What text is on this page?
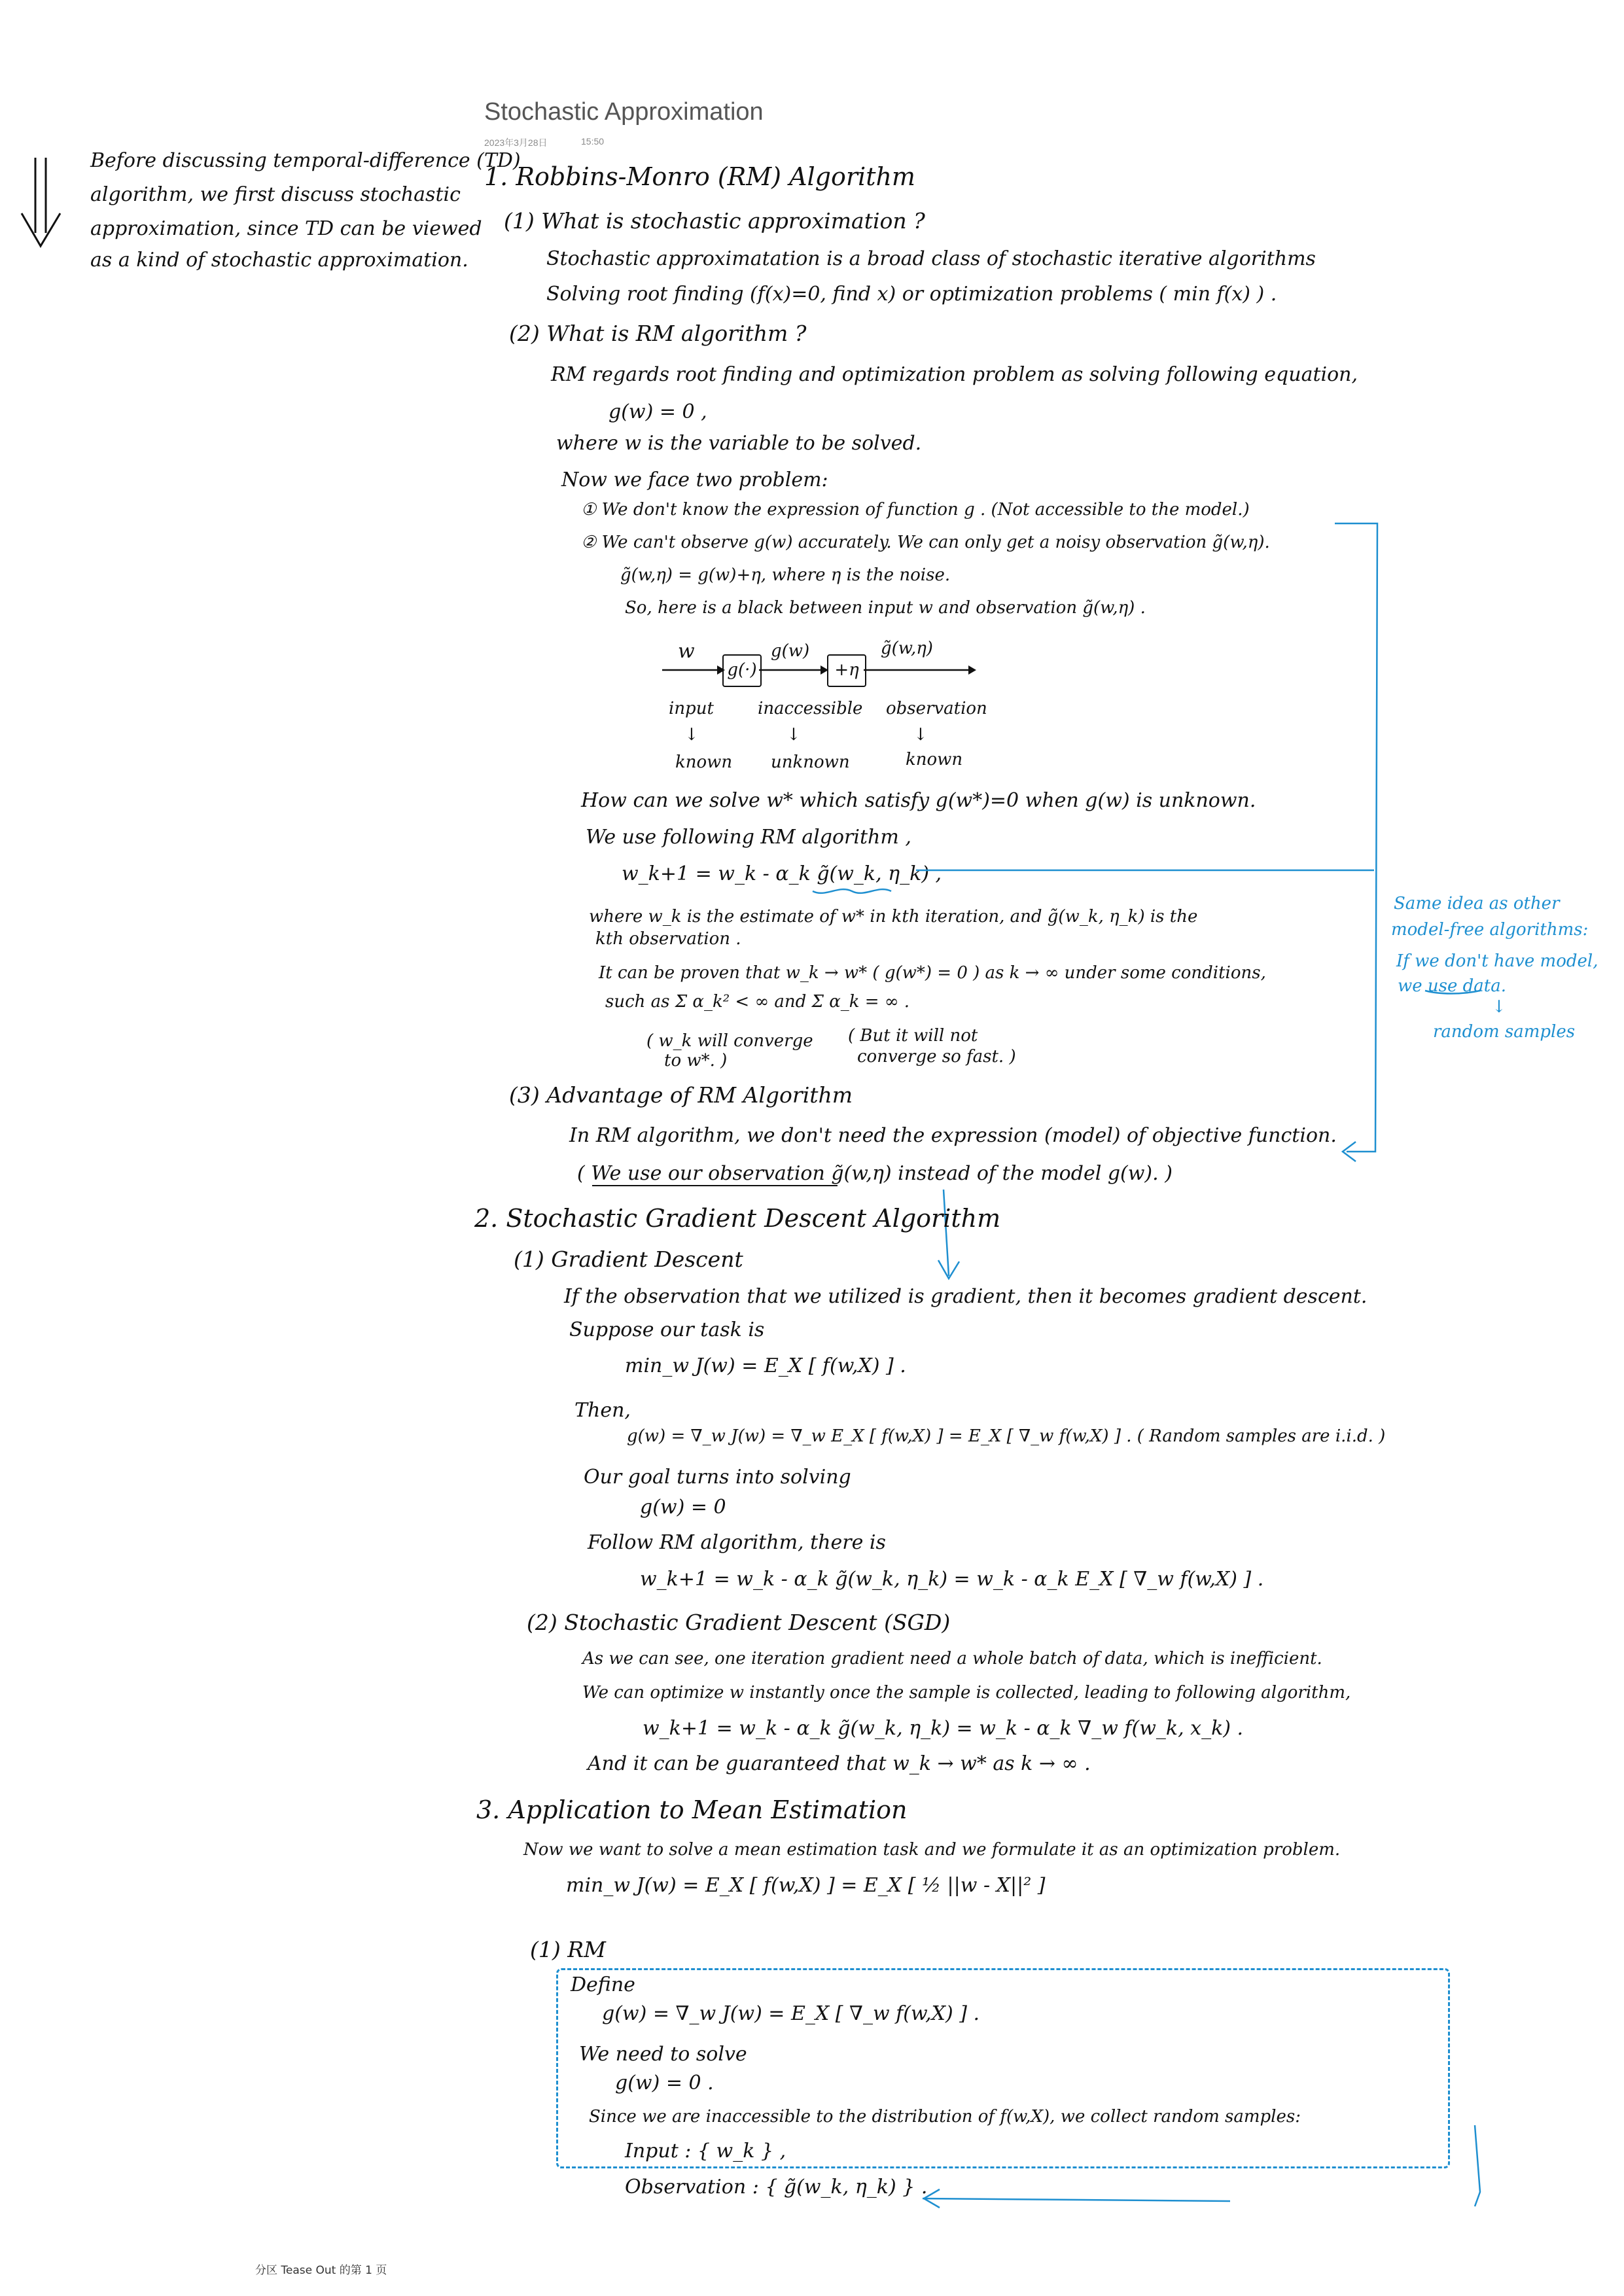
Stochastic Approximation
2023年3月28日	15:50
Before discussing temporal-difference (TD)
algorithm, we first discuss stochastic
approximation, since TD can be viewed
as a kind of stochastic approximation.
1. Robbins-Monro (RM) Algorithm
(1) What is stochastic approximation ?
Stochastic approximatation is a broad class of stochastic iterative algorithms
Solving root finding (f(x)=0, find x) or optimization problems ( min f(x) ) .
(2) What is RM algorithm ?
RM regards root finding and optimization problem as solving following equation,
g(w) = 0 ,
where w is the variable to be solved.
Now we face two problem:
① We don't know the expression of function g . (Not accessible to the model.)
② We can't observe g(w) accurately. We can only get a noisy observation g̃(w,η).
g̃(w,η) = g(w)+η, where η is the noise.
So, here is a black between input w and observation g̃(w,η) .
w
g(·)
g(w)
+η
g̃(w,η)
input	inaccessible observation
↓	↓	↓
known unknown	known
How can we solve w* which satisfy g(w*)=0 when g(w) is unknown.
We use following RM algorithm ,
w_k+1 = w_k - α_k g̃(w_k, η_k) ,
where w_k is the estimate of w* in kth iteration, and g̃(w_k, η_k) is the
kth observation .
It can be proven that w_k → w* ( g(w*) = 0 ) as k → ∞ under some conditions,
such as Σ α_k² < ∞ and Σ α_k = ∞ .
( w_k will converge
to w*. )
( But it will not
converge so fast. )
(3) Advantage of RM Algorithm
In RM algorithm, we don't need the expression (model) of objective function.
( We use our observation g̃(w,η) instead of the model g(w). )
Same idea as other
model-free algorithms:
If we don't have model,
we use data.
↓
random samples
2. Stochastic Gradient Descent Algorithm
(1) Gradient Descent
If the observation that we utilized is gradient, then it becomes gradient descent.
Suppose our task is
min_w J(w) = E_X [ f(w,X) ] .
Then,
g(w) = ∇_w J(w) = ∇_w E_X [ f(w,X) ] = E_X [ ∇_w f(w,X) ] . ( Random samples are i.i.d. )
Our goal turns into solving
g(w) = 0
Follow RM algorithm, there is
w_k+1 = w_k - α_k g̃(w_k, η_k) = w_k - α_k E_X [ ∇_w f(w,X) ] .
(2) Stochastic Gradient Descent (SGD)
As we can see, one iteration gradient need a whole batch of data, which is inefficient.
We can optimize w instantly once the sample is collected, leading to following algorithm,
w_k+1 = w_k - α_k g̃(w_k, η_k) = w_k - α_k ∇_w f(w_k, x_k) .
And it can be guaranteed that w_k → w* as k → ∞ .
3. Application to Mean Estimation
Now we want to solve a mean estimation task and we formulate it as an optimization problem.
min_w J(w) = E_X [ f(w,X) ] = E_X [ ½ ||w - X||² ]
(1) RM
Define
g(w) = ∇_w J(w) = E_X [ ∇_w f(w,X) ] .
We need to solve
g(w) = 0 .
Since we are inaccessible to the distribution of f(w,X), we collect random samples:
Input : { w_k } ,
Observation : { g̃(w_k, η_k) } .
分区 Tease Out 的第 1 页
